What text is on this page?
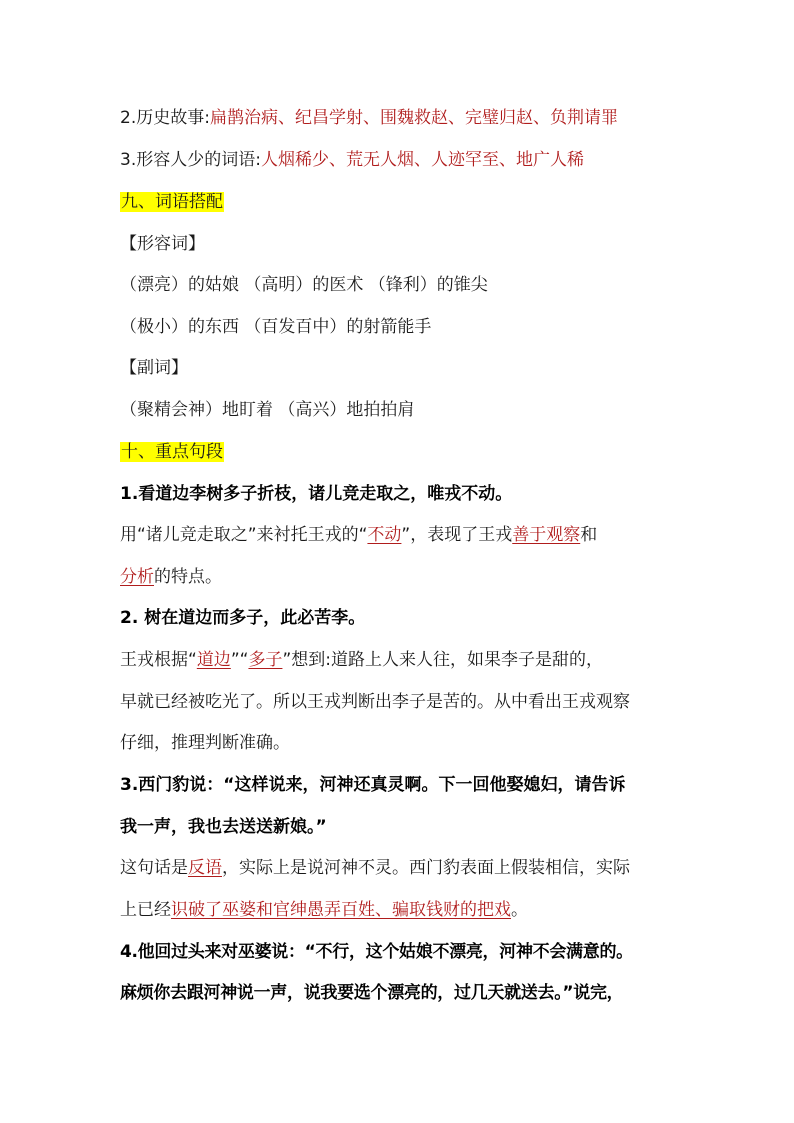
2.历史故事:扁鹊治病、纪昌学射、围魏救赵、完璧归赵、负荆请罪
3.形容人少的词语:人烟稀少、荒无人烟、人迹罕至、地广人稀
九、词语搭配
【形容词】
（漂亮）的姑娘 （高明）的医术 （锋利）的锥尖
（极小）的东西 （百发百中）的射箭能手
【副词】
（聚精会神）地盯着 （高兴）地拍拍肩
十、重点句段
1.看道边李树多子折枝，诸儿竞走取之，唯戎不动。
用“诸儿竞走取之”来衬托王戎的“不动”，表现了王戎善于观察和
分析的特点。
2. 树在道边而多子，此必苦李。
王戎根据“道边”“多子”想到:道路上人来人往，如果李子是甜的，
早就已经被吃光了。所以王戎判断出李子是苦的。从中看出王戎观察
仔细，推理判断准确。
3.西门豹说：“这样说来，河神还真灵啊。下一回他娶媳妇，请告诉
我一声，我也去送送新娘。”
这句话是反语，实际上是说河神不灵。西门豹表面上假装相信，实际
上已经识破了巫婆和官绅愚弄百姓、骗取钱财的把戏。
4.他回过头来对巫婆说：“不行，这个姑娘不漂亮，河神不会满意的。
麻烦你去跟河神说一声，说我要选个漂亮的，过几天就送去。”说完，
